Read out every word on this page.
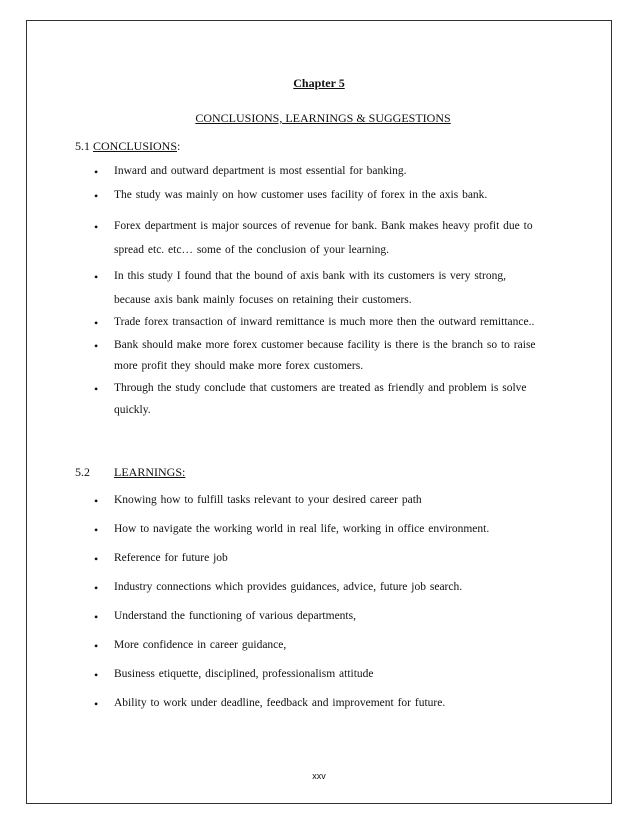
Chapter 5
CONCLUSIONS, LEARNINGS & SUGGESTIONS
5.1 CONCLUSIONS:
• Inward and outward department is most essential for banking.
• The study was mainly on how customer uses facility of forex in the axis bank.
• Forex department is major sources of revenue for bank. Bank makes heavy profit due to
spread etc. etc… some of the conclusion of your learning.
• In this study I found that the bound of axis bank with its customers is very strong,
because axis bank mainly focuses on retaining their customers.
• Trade forex transaction of inward remittance is much more then the outward remittance..
• Bank should make more forex customer because facility is there is the branch so to raise
more profit they should make more forex customers.
• Through the study conclude that customers are treated as friendly and problem is solve
quickly.
5.2 LEARNINGS:
• Knowing how to fulfill tasks relevant to your desired career path
• How to navigate the working world in real life, working in office environment.
• Reference for future job
• Industry connections which provides guidances, advice, future job search.
• Understand the functioning of various departments,
• More confidence in career guidance,
• Business etiquette, disciplined, professionalism attitude
• Ability to work under deadline, feedback and improvement for future.
xxv
